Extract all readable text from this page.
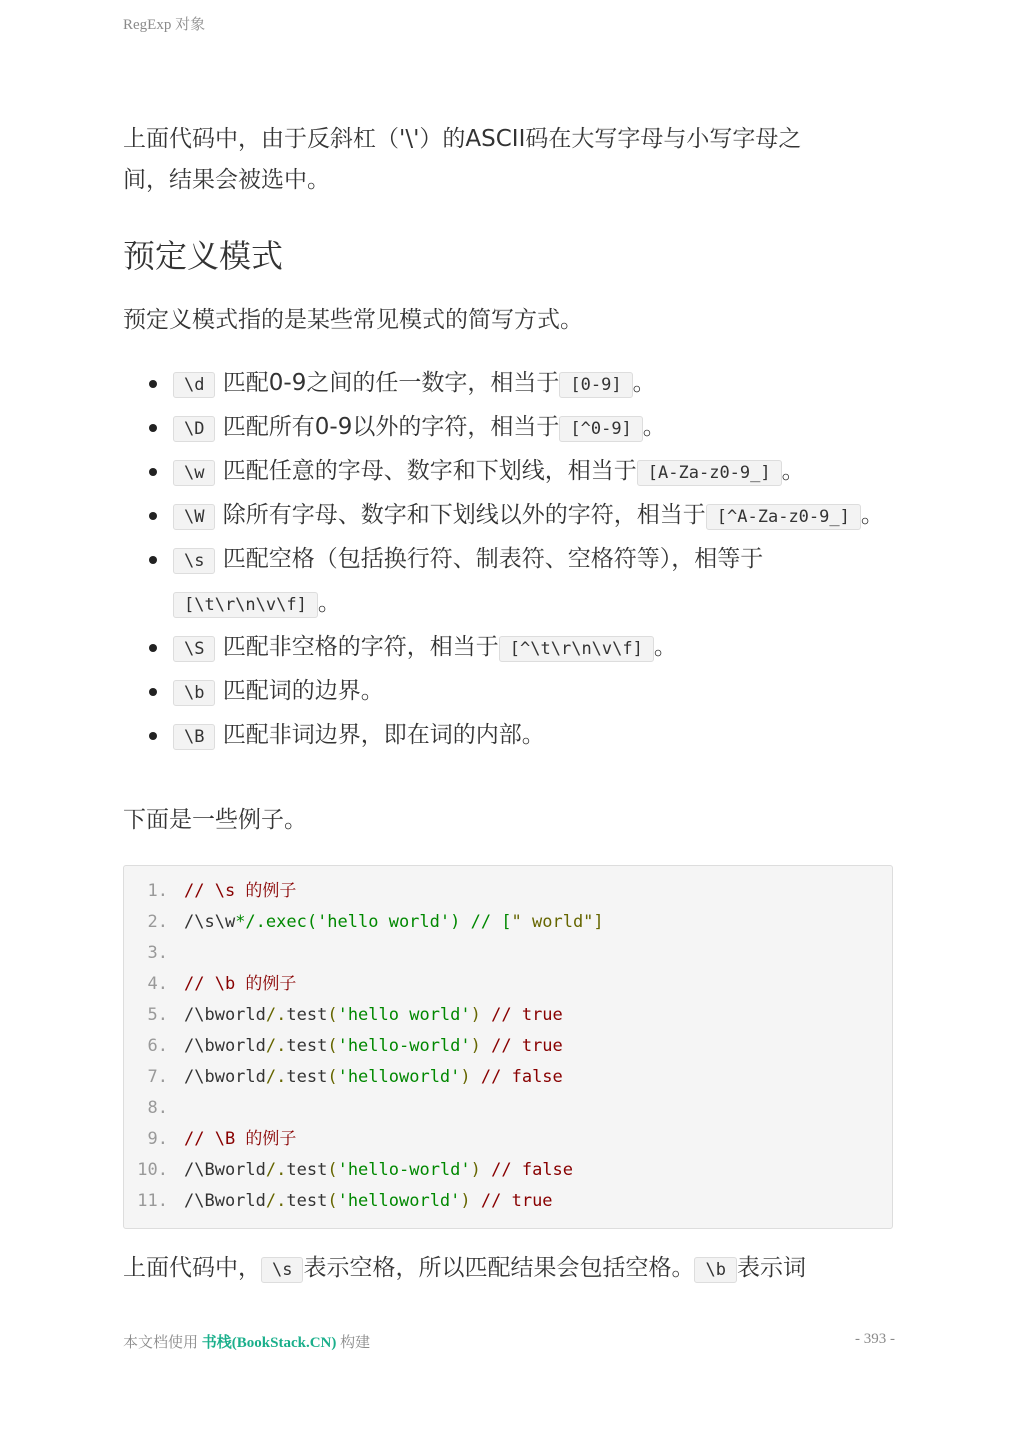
RegExp 对象

上面代码中，由于反斜杠（'\'）的ASCII码在大写字母与小写字母之
间，结果会被选中。

预定义模式

预定义模式指的是某些常见模式的简写方式。

\d 匹配0-9之间的任一数字，相当于 [0-9] 。
\D 匹配所有0-9以外的字符，相当于 [^0-9] 。
\w 匹配任意的字母、数字和下划线，相当于 [A-Za-z0-9_] 。
\W 除所有字母、数字和下划线以外的字符，相当于 [^A-Za-z0-9_] 。
\s 匹配空格（包括换行符、制表符、空格符等），相等于[\t\r\n\v\f] 。
\S 匹配非空格的字符，相当于 [^\t\r\n\v\f] 。
\b 匹配词的边界。
\B 匹配非词边界，即在词的内部。

下面是一些例子。

1. // \s 的例子
2. /\s\w*/.exec('hello world') // [" world"]
3.
4. // \b 的例子
5. /\bworld/.test('hello world') // true
6. /\bworld/.test('hello-world') // true
7. /\bworld/.test('helloworld') // false
8.
9. // \B 的例子
10. /\Bworld/.test('hello-world') // false
11. /\Bworld/.test('helloworld') // true

上面代码中， \s 表示空格，所以匹配结果会包括空格。 \b 表示词

本文档使用 书栈(BookStack.CN) 构建	- 393 -
